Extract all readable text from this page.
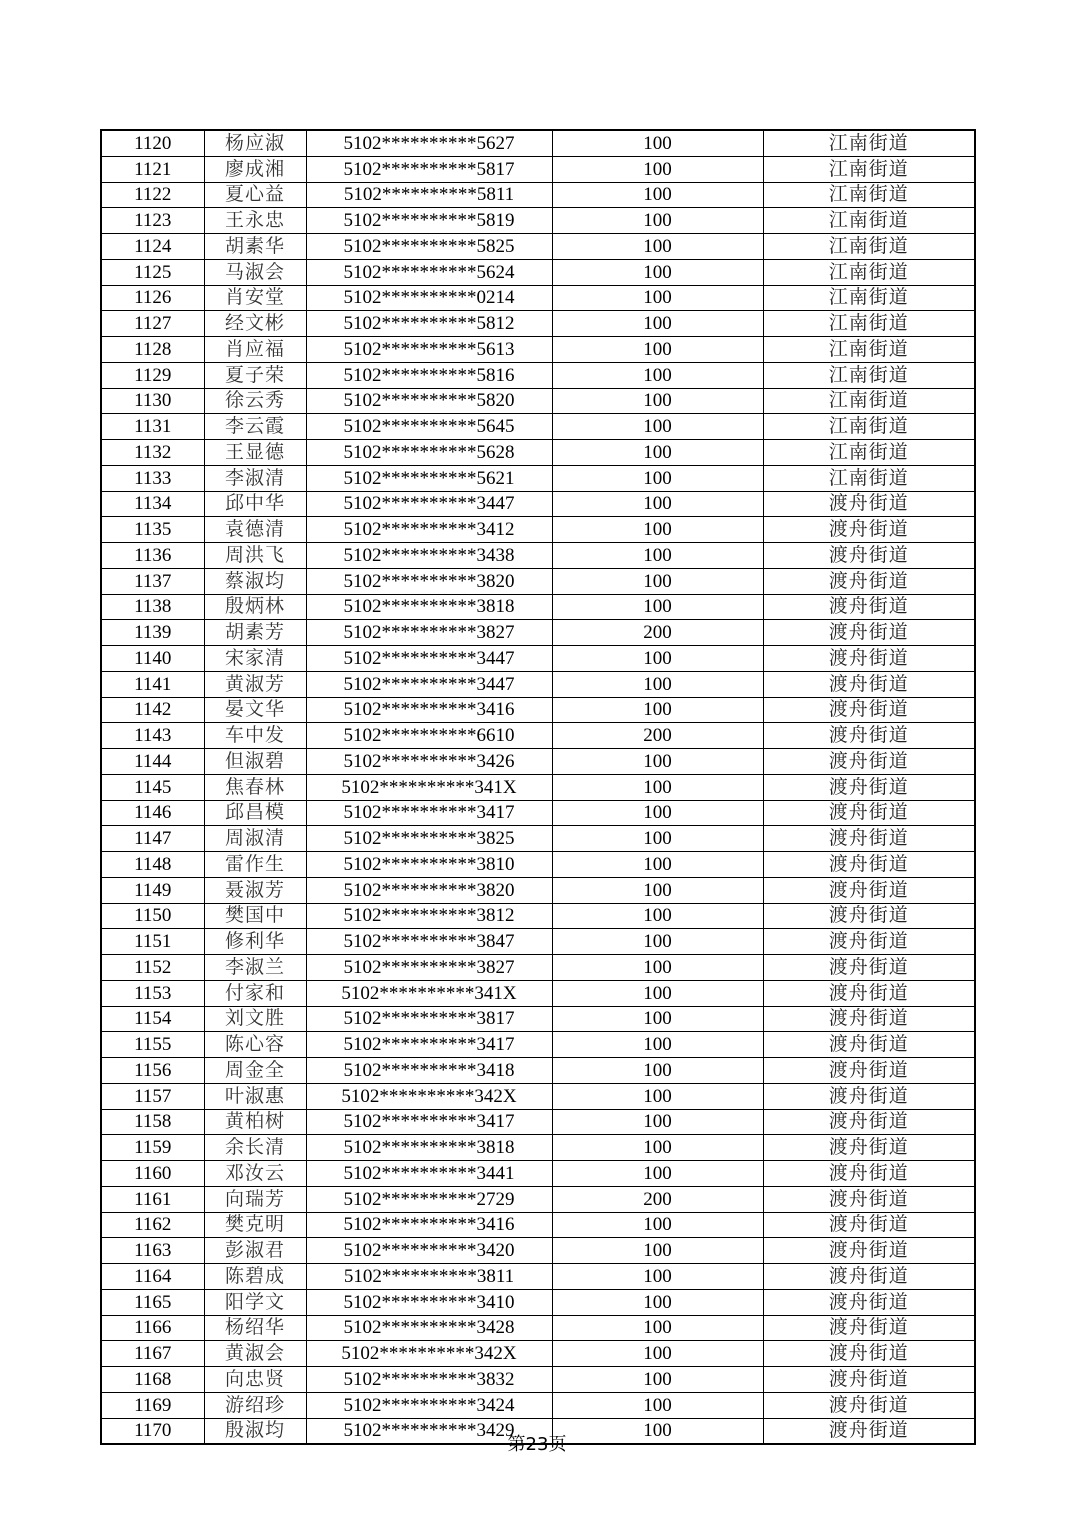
1120	杨应淑	5102**********5627	100	江南街道
1121	廖成湘	5102**********5817	100	江南街道
1122	夏心益	5102**********5811	100	江南街道
1123	王永忠	5102**********5819	100	江南街道
1124	胡素华	5102**********5825	100	江南街道
1125	马淑会	5102**********5624	100	江南街道
1126	肖安堂	5102**********0214	100	江南街道
1127	经文彬	5102**********5812	100	江南街道
1128	肖应福	5102**********5613	100	江南街道
1129	夏子荣	5102**********5816	100	江南街道
1130	徐云秀	5102**********5820	100	江南街道
1131	李云霞	5102**********5645	100	江南街道
1132	王显德	5102**********5628	100	江南街道
1133	李淑清	5102**********5621	100	江南街道
1134	邱中华	5102**********3447	100	渡舟街道
1135	袁德清	5102**********3412	100	渡舟街道
1136	周洪飞	5102**********3438	100	渡舟街道
1137	蔡淑均	5102**********3820	100	渡舟街道
1138	殷炳林	5102**********3818	100	渡舟街道
1139	胡素芳	5102**********3827	200	渡舟街道
1140	宋家清	5102**********3447	100	渡舟街道
1141	黄淑芳	5102**********3447	100	渡舟街道
1142	晏文华	5102**********3416	100	渡舟街道
1143	车中发	5102**********6610	200	渡舟街道
1144	但淑碧	5102**********3426	100	渡舟街道
1145	焦春林	5102**********341X	100	渡舟街道
1146	邱昌模	5102**********3417	100	渡舟街道
1147	周淑清	5102**********3825	100	渡舟街道
1148	雷作生	5102**********3810	100	渡舟街道
1149	聂淑芳	5102**********3820	100	渡舟街道
1150	樊国中	5102**********3812	100	渡舟街道
1151	修利华	5102**********3847	100	渡舟街道
1152	李淑兰	5102**********3827	100	渡舟街道
1153	付家和	5102**********341X	100	渡舟街道
1154	刘文胜	5102**********3817	100	渡舟街道
1155	陈心容	5102**********3417	100	渡舟街道
1156	周金全	5102**********3418	100	渡舟街道
1157	叶淑惠	5102**********342X	100	渡舟街道
1158	黄柏树	5102**********3417	100	渡舟街道
1159	余长清	5102**********3818	100	渡舟街道
1160	邓汝云	5102**********3441	100	渡舟街道
1161	向瑞芳	5102**********2729	200	渡舟街道
1162	樊克明	5102**********3416	100	渡舟街道
1163	彭淑君	5102**********3420	100	渡舟街道
1164	陈碧成	5102**********3811	100	渡舟街道
1165	阳学文	5102**********3410	100	渡舟街道
1166	杨绍华	5102**********3428	100	渡舟街道
1167	黄淑会	5102**********342X	100	渡舟街道
1168	向忠贤	5102**********3832	100	渡舟街道
1169	游绍珍	5102**********3424	100	渡舟街道
1170	殷淑均	5102**********3429	100	渡舟街道
第23页
